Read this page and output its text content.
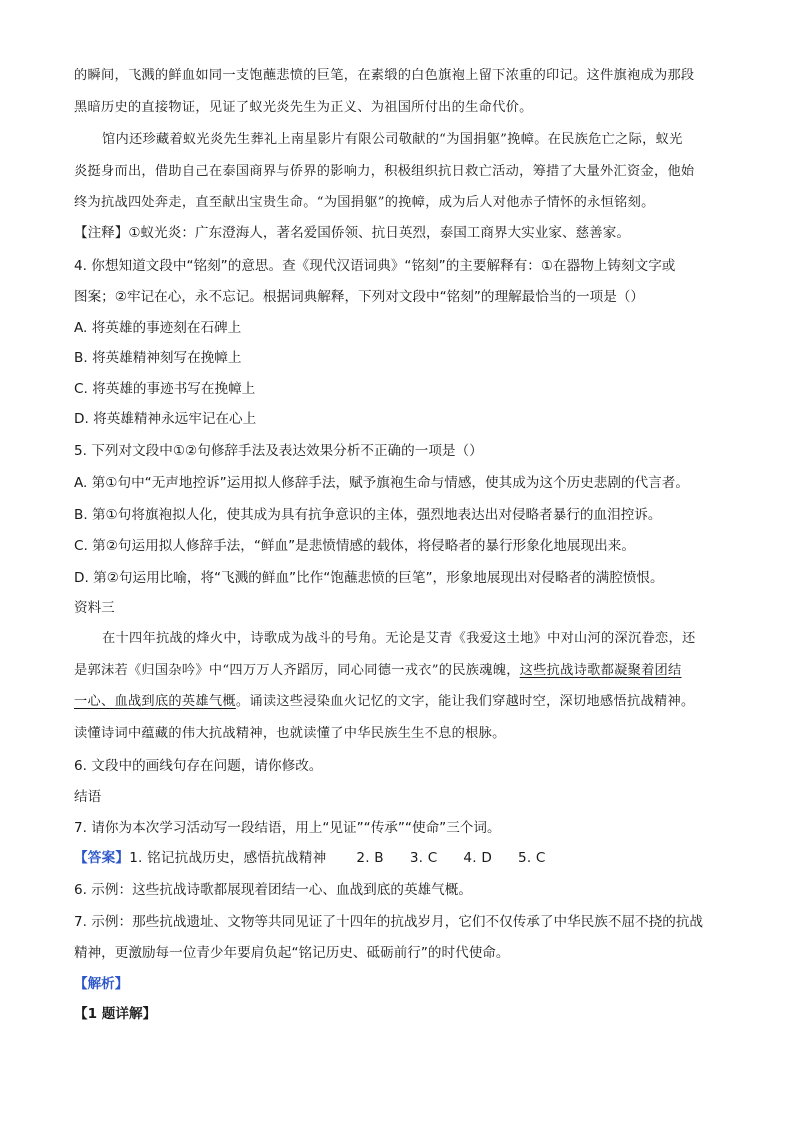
的瞬间，飞溅的鲜血如同一支饱蘸悲愤的巨笔，在素缎的白色旗袍上留下浓重的印记。这件旗袍成为那段
黑暗历史的直接物证，见证了蚁光炎先生为正义、为祖国所付出的生命代价。
馆内还珍藏着蚁光炎先生葬礼上南星影片有限公司敬献的“为国捐躯”挽幛。在民族危亡之际，蚁光
炎挺身而出，借助自己在泰国商界与侨界的影响力，积极组织抗日救亡活动，筹措了大量外汇资金，他始
终为抗战四处奔走，直至献出宝贵生命。“为国捐躯”的挽幛，成为后人对他赤子情怀的永恒铭刻。
【注释】①蚁光炎：广东澄海人，著名爱国侨领、抗日英烈，泰国工商界大实业家、慈善家。
4. 你想知道文段中“铭刻”的意思。查《现代汉语词典》“铭刻”的主要解释有：①在器物上铸刻文字或
图案；②牢记在心，永不忘记。根据词典解释，下列对文段中“铭刻”的理解最恰当的一项是（）
A. 将英雄的事迹刻在石碑上
B. 将英雄精神刻写在挽幛上
C. 将英雄的事迹书写在挽幛上
D. 将英雄精神永远牢记在心上
5. 下列对文段中①②句修辞手法及表达效果分析不正确的一项是（）
A. 第①句中“无声地控诉”运用拟人修辞手法，赋予旗袍生命与情感，使其成为这个历史悲剧的代言者。
B. 第①句将旗袍拟人化，使其成为具有抗争意识的主体，强烈地表达出对侵略者暴行的血泪控诉。
C. 第②句运用拟人修辞手法，“鲜血”是悲愤情感的载体，将侵略者的暴行形象化地展现出来。
D. 第②句运用比喻，将“飞溅的鲜血”比作“饱蘸悲愤的巨笔”，形象地展现出对侵略者的满腔愤恨。
资料三
在十四年抗战的烽火中，诗歌成为战斗的号角。无论是艾青《我爱这土地》中对山河的深沉眷恋，还
是郭沫若《归国杂吟》中“四万万人齐蹈厉，同心同德一戎衣”的民族魂魄，这些抗战诗歌都凝聚着团结
一心、血战到底的英雄气概。诵读这些浸染血火记忆的文字，能让我们穿越时空，深切地感悟抗战精神。
读懂诗词中蕴藏的伟大抗战精神，也就读懂了中华民族生生不息的根脉。
6. 文段中的画线句存在问题，请你修改。
结语
7. 请你为本次学习活动写一段结语，用上“见证”“传承”“使命”三个词。
【答案】1. 铭记抗战历史，感悟抗战精神 2. B 3. C 4. D 5. C
6. 示例：这些抗战诗歌都展现着团结一心、血战到底的英雄气概。
7. 示例：那些抗战遗址、文物等共同见证了十四年的抗战岁月，它们不仅传承了中华民族不屈不挠的抗战
精神，更激励每一位青少年要肩负起“铭记历史、砥砺前行”的时代使命。
【解析】
【1 题详解】
